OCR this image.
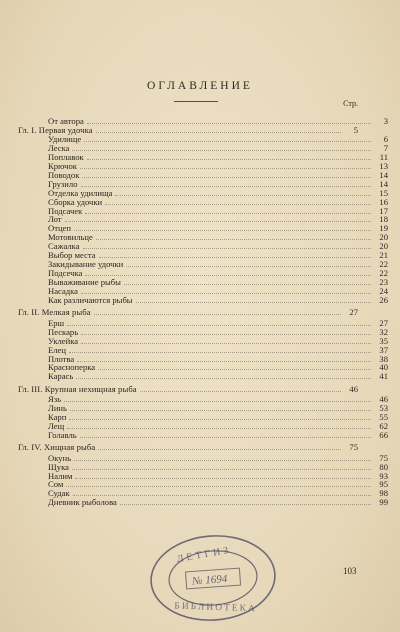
ОГЛАВЛЕНИЕ
Стр.
От автора	3
Гл. I. Первая удочка	5
Удилище	6
Леска	7
Поплавок	11
Крючок	13
Поводок	14
Грузило	14
Отделка удилища	15
Сборка удочки	16
Подсачек	17
Лот	18
Отцеп	19
Мотовильце	20
Сажалка	20
Выбор места	21
Закидывание удочки	22
Подсечка	22
Вываживание рыбы	23
Насадка	24
Как различаются рыбы	26
Гл. II. Мелкая рыба	27
Ерш	27
Пескарь	32
Уклейка	35
Елец	37
Плотва	38
Красноперка	40
Карась	41
Гл. III. Крупная нехищная рыба	46
Язь	46
Линь	53
Карп	55
Лещ	62
Голавль	66
Гл. IV. Хищная рыба	75
Окунь	75
Щука	80
Налим	93
Сом	95
Судак	98
Дневник рыболова	99
103
№ 1694
ЛЕТГИЗ
БИБЛИОТЕКА
